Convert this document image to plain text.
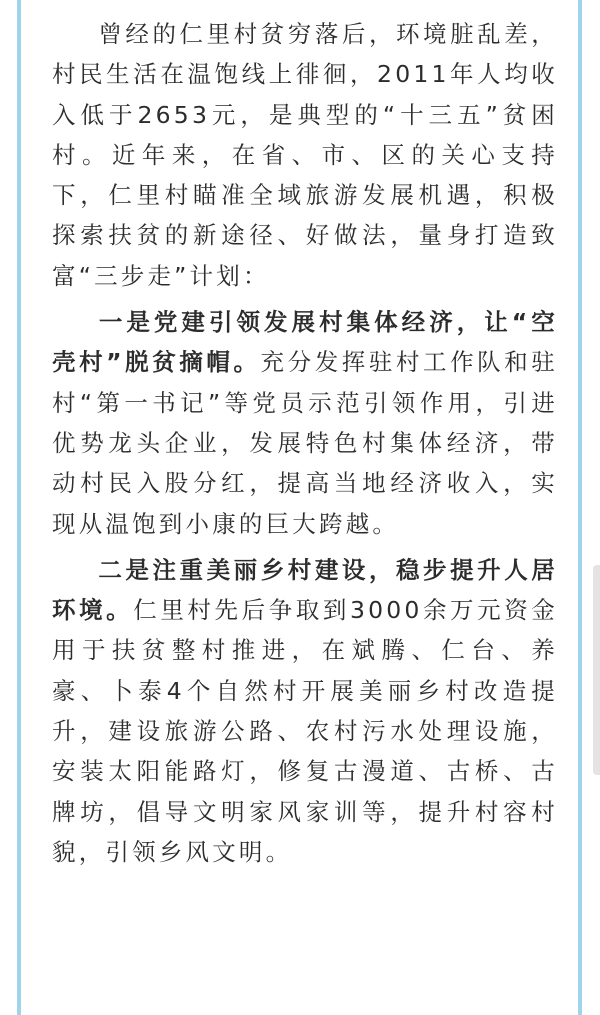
曾经的仁里村贫穷落后，环境脏乱差，村民生活在温饱线上徘徊，2011年人均收入低于2653元，是典型的“十三五”贫困村。近年来，在省、市、区的关心支持下，仁里村瞄准全域旅游发展机遇，积极探索扶贫的新途径、好做法，量身打造致富“三步走”计划：

一是党建引领发展村集体经济，让“空壳村”脱贫摘帽。充分发挥驻村工作队和驻村“第一书记”等党员示范引领作用，引进优势龙头企业，发展特色村集体经济，带动村民入股分红，提高当地经济收入，实现从温饱到小康的巨大跨越。

二是注重美丽乡村建设，稳步提升人居环境。仁里村先后争取到3000余万元资金用于扶贫整村推进，在斌腾、仁台、养豪、卜泰4个自然村开展美丽乡村改造提升，建设旅游公路、农村污水处理设施，安装太阳能路灯，修复古漫道、古桥、古牌坊，倡导文明家风家训等，提升村容村貌，引领乡风文明。
